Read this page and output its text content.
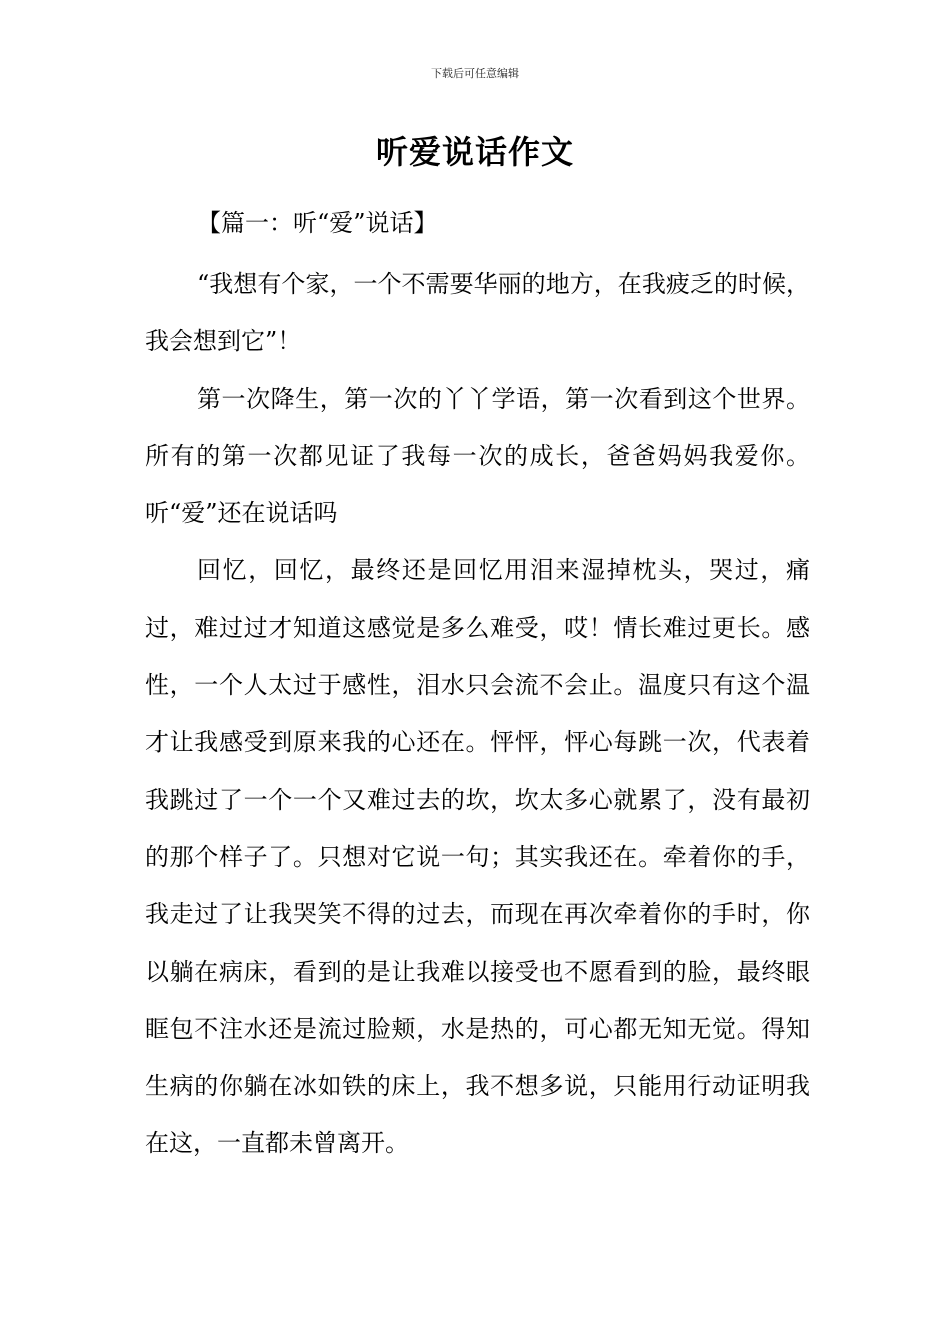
下载后可任意编辑
听爱说话作文
【篇一：听“爱”说话】

“我想有个家，一个不需要华丽的地方，在我疲乏的时候，我会想到它”！

第一次降生，第一次的丫丫学语，第一次看到这个世界。所有的第一次都见证了我每一次的成长，爸爸妈妈我爱你。听“爱”还在说话吗

回忆，回忆，最终还是回忆用泪来湿掉枕头，哭过，痛过，难过过才知道这感觉是多么难受，哎！情长难过更长。感性，一个人太过于感性，泪水只会流不会止。温度只有这个温才让我感受到原来我的心还在。怦怦，怦心每跳一次，代表着我跳过了一个一个又难过去的坎，坎太多心就累了，没有最初的那个样子了。只想对它说一句；其实我还在。牵着你的手，我走过了让我哭笑不得的过去，而现在再次牵着你的手时，你以躺在病床，看到的是让我难以接受也不愿看到的脸，最终眼眶包不注水还是流过脸颊，水是热的，可心都无知无觉。得知生病的你躺在冰如铁的床上，我不想多说，只能用行动证明我在这，一直都未曾离开。
